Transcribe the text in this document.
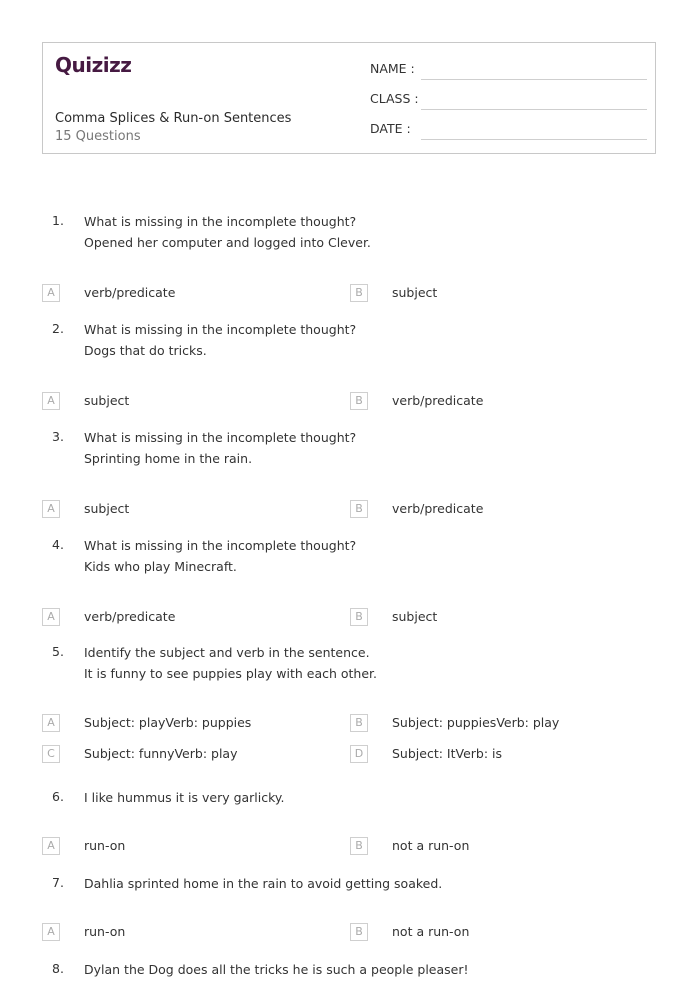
Quizizz
Comma Splices & Run-on Sentences
15 Questions
NAME :
CLASS :
DATE :
1. What is missing in the incomplete thought?
Opened her computer and logged into Clever.
A	verb/predicate	B	subject
2. What is missing in the incomplete thought?
Dogs that do tricks.
A	subject	B	verb/predicate
3. What is missing in the incomplete thought?
Sprinting home in the rain.
A	subject	B	verb/predicate
4. What is missing in the incomplete thought?
Kids who play Minecraft.
A	verb/predicate	B	subject
5. Identify the subject and verb in the sentence.
It is funny to see puppies play with each other.
A	Subject: playVerb: puppies	B	Subject: puppiesVerb: play
C	Subject: funnyVerb: play	D	Subject: ItVerb: is
6. I like hummus it is very garlicky.
A	run-on	B	not a run-on
7. Dahlia sprinted home in the rain to avoid getting soaked.
A	run-on	B	not a run-on
8. Dylan the Dog does all the tricks he is such a people pleaser!
